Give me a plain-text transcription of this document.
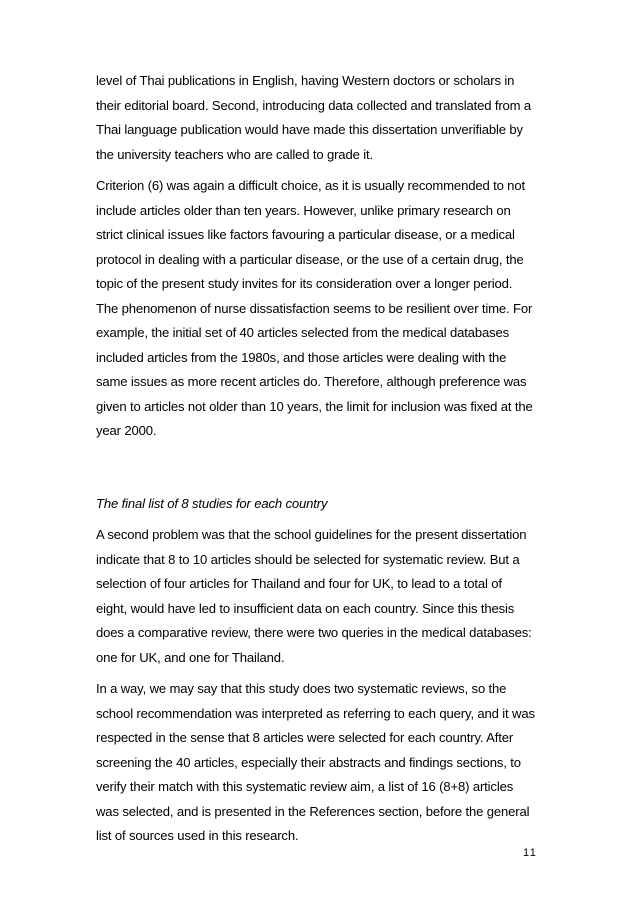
level of Thai publications in English, having Western doctors or scholars in
their editorial board. Second, introducing data collected and translated from a
Thai language publication would have made this dissertation unverifiable by
the university teachers who are called to grade it.
Criterion (6) was again a difficult choice, as it is usually recommended to not
include articles older than ten years. However, unlike primary research on
strict clinical issues like factors favouring a particular disease, or a medical
protocol in dealing with a particular disease, or the use of a certain drug, the
topic of the present study invites for its consideration over a longer period.
The phenomenon of nurse dissatisfaction seems to be resilient over time. For
example, the initial set of 40 articles selected from the medical databases
included articles from the 1980s, and those articles were dealing with the
same issues as more recent articles do. Therefore, although preference was
given to articles not older than 10 years, the limit for inclusion was fixed at the
year 2000.

The final list of 8 studies for each country

A second problem was that the school guidelines for the present dissertation
indicate that 8 to 10 articles should be selected for systematic review. But a
selection of four articles for Thailand and four for UK, to lead to a total of
eight, would have led to insufficient data on each country. Since this thesis
does a comparative review, there were two queries in the medical databases:
one for UK, and one for Thailand.
In a way, we may say that this study does two systematic reviews, so the
school recommendation was interpreted as referring to each query, and it was
respected in the sense that 8 articles were selected for each country. After
screening the 40 articles, especially their abstracts and findings sections, to
verify their match with this systematic review aim, a list of 16 (8+8) articles
was selected, and is presented in the References section, before the general
list of sources used in this research.
11
